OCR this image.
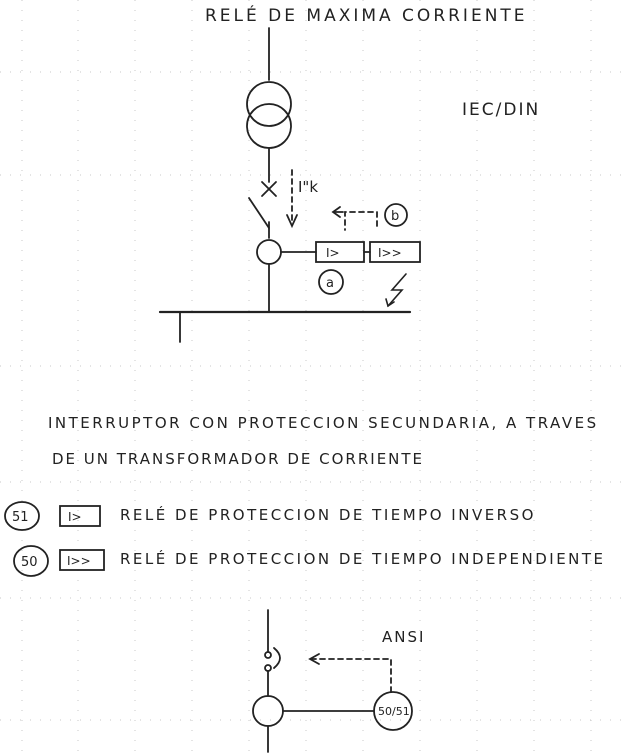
I"k
I>	I>>
b
a
51	I>
50 I>>
50/51
RELÉ DE MAXIMA CORRIENTE
IEC/DIN
INTERRUPTOR CON PROTECCION SECUNDARIA, A TRAVES
DE UN TRANSFORMADOR DE CORRIENTE
RELÉ DE PROTECCION DE TIEMPO INVERSO
RELÉ DE PROTECCION DE TIEMPO INDEPENDIENTE
ANSI
